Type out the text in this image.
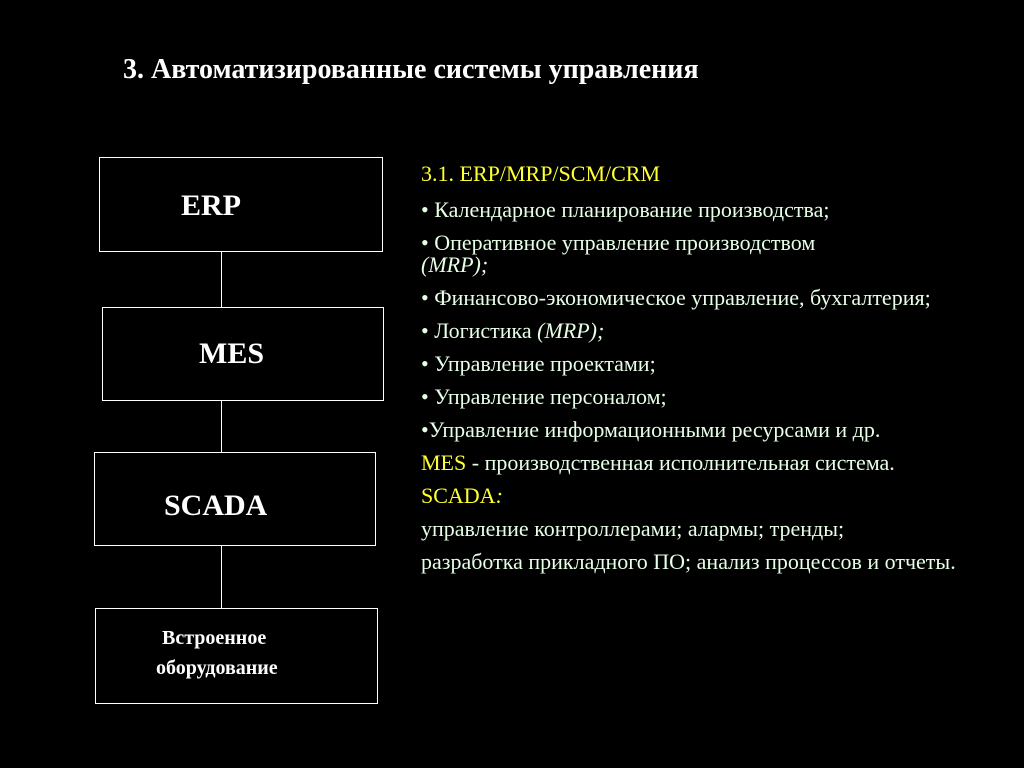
3. Автоматизированные системы управления
ERP
MES
SCADA
Встроенное
оборудование

3.1. ERP/MRP/SCM/CRM

• Календарное планирование производства;

• Оперативное управление производством
(MRP);

• Финансово-экономическое управление, бухгалтерия;

• Логистика (MRP);

• Управление проектами;

• Управление персоналом;

•Управление информационными ресурсами и др.

MES - производственная исполнительная система.

SCADA:

управление контроллерами; алармы; тренды;

разработка прикладного ПО; анализ процессов и отчеты.
